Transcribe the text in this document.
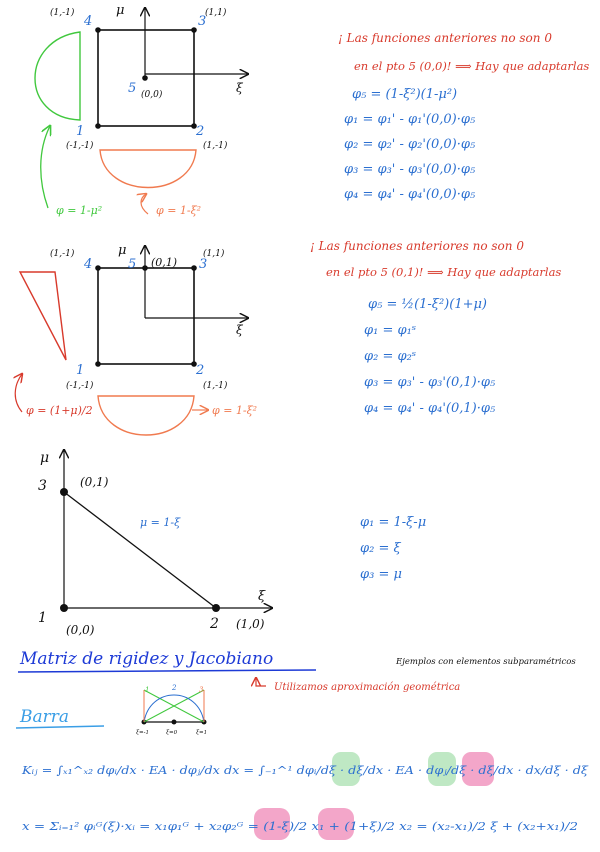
(1,-1)	(1,1)
(-1,-1)	(1,-1)
(0,0)
μ
ξ
4	3
1	2
5
φ = 1-μ²	φ = 1-ξ²
¡ Las funciones anteriores no son 0
en el pto 5 (0,0)! ⟹ Hay que adaptarlas
φ₅ = (1-ξ²)(1-μ²)
φ₁ = φ₁' - φ₁'(0,0)·φ₅
φ₂ = φ₂' - φ₂'(0,0)·φ₅
φ₃ = φ₃' - φ₃'(0,0)·φ₅
φ₄ = φ₄' - φ₄'(0,0)·φ₅
(1,-1)	(1,1)
(-1,-1)	(1,-1)
(0,1)
μ
ξ
4	5	3
1	2
φ = (1+μ)/2	φ = 1-ξ²
¡ Las funciones anteriores no son 0
en el pto 5 (0,1)! ⟹ Hay que adaptarlas
φ₅ = ½(1-ξ²)(1+μ)
φ₁ = φ₁ˢ
φ₂ = φ₂ˢ
φ₃ = φ₃' - φ₃'(0,1)·φ₅
φ₄ = φ₄' - φ₄'(0,1)·φ₅
μ
ξ
3
1	2
(0,1)
(0,0)	(1,0)
μ = 1-ξ	φ₁ = 1-ξ-μ
φ₂ = ξ
φ₃ = μ
Matriz de rigidez y Jacobiano	Ejemplos con elementos subparamétricos
Utilizamos aproximación geométrica
Barra
1	2	3
ξ=-1	ξ=0	ξ=1
Kᵢⱼ = ∫ₓ₁^ₓ₂ dφᵢ/dx · EA · dφⱼ/dx dx = ∫₋₁^¹ dφᵢ/dξ · dξ/dx · EA · dφⱼ/dξ · dξ/dx · dx/dξ · dξ
x = Σᵢ₌₁² φᵢᴳ(ξ)·xᵢ = x₁φ₁ᴳ + x₂φ₂ᴳ = (1-ξ)/2 x₁ + (1+ξ)/2 x₂ = (x₂-x₁)/2 ξ + (x₂+x₁)/2
